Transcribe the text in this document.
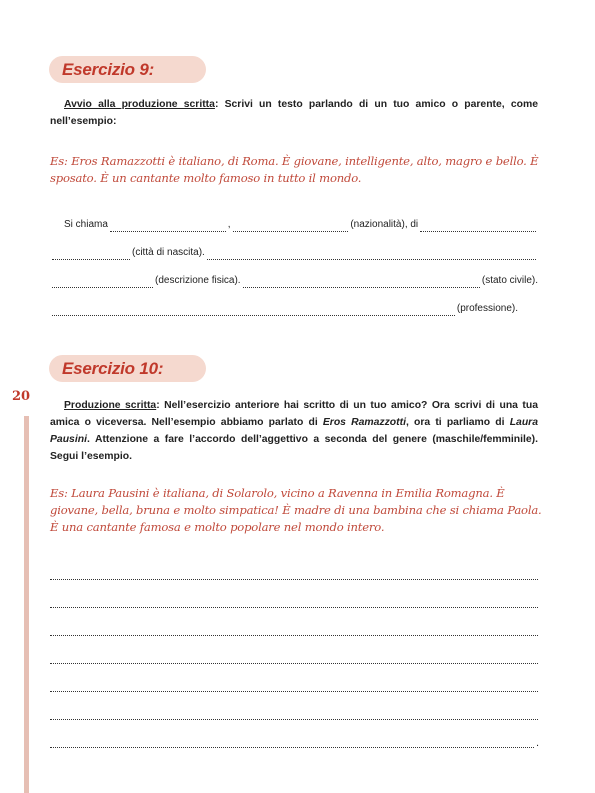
Esercizio 9:
Avvio alla produzione scritta: Scrivi un testo parlando di un tuo amico o parente, come nell’esempio:
Es: Eros Ramazzotti è italiano, di Roma. È giovane, intelligente, alto, magro e bello. È sposato. È un cantante molto famoso in tutto il mondo.
Si chiama	,	(nazionalità), di
(città di nascita).
(descrizione fisica).	(stato civile).
(professione).
Esercizio 10:
20
Produzione scritta: Nell’esercizio anteriore hai scritto di un tuo amico? Ora scrivi di una tua amica o viceversa. Nell’esempio abbiamo parlato di Eros Ramazzotti, ora ti parliamo di Laura Pausini. Attenzione a fare l’accordo dell’aggettivo a seconda del genere (maschile/femminile). Segui l’esempio.
Es: Laura Pausini è italiana, di Solarolo, vicino a Ravenna in Emilia Romagna. È giovane, bella, bruna e molto simpatica! È madre di una bambina che si chiama Paola. È una cantante famosa e molto popolare nel mondo intero.
.
